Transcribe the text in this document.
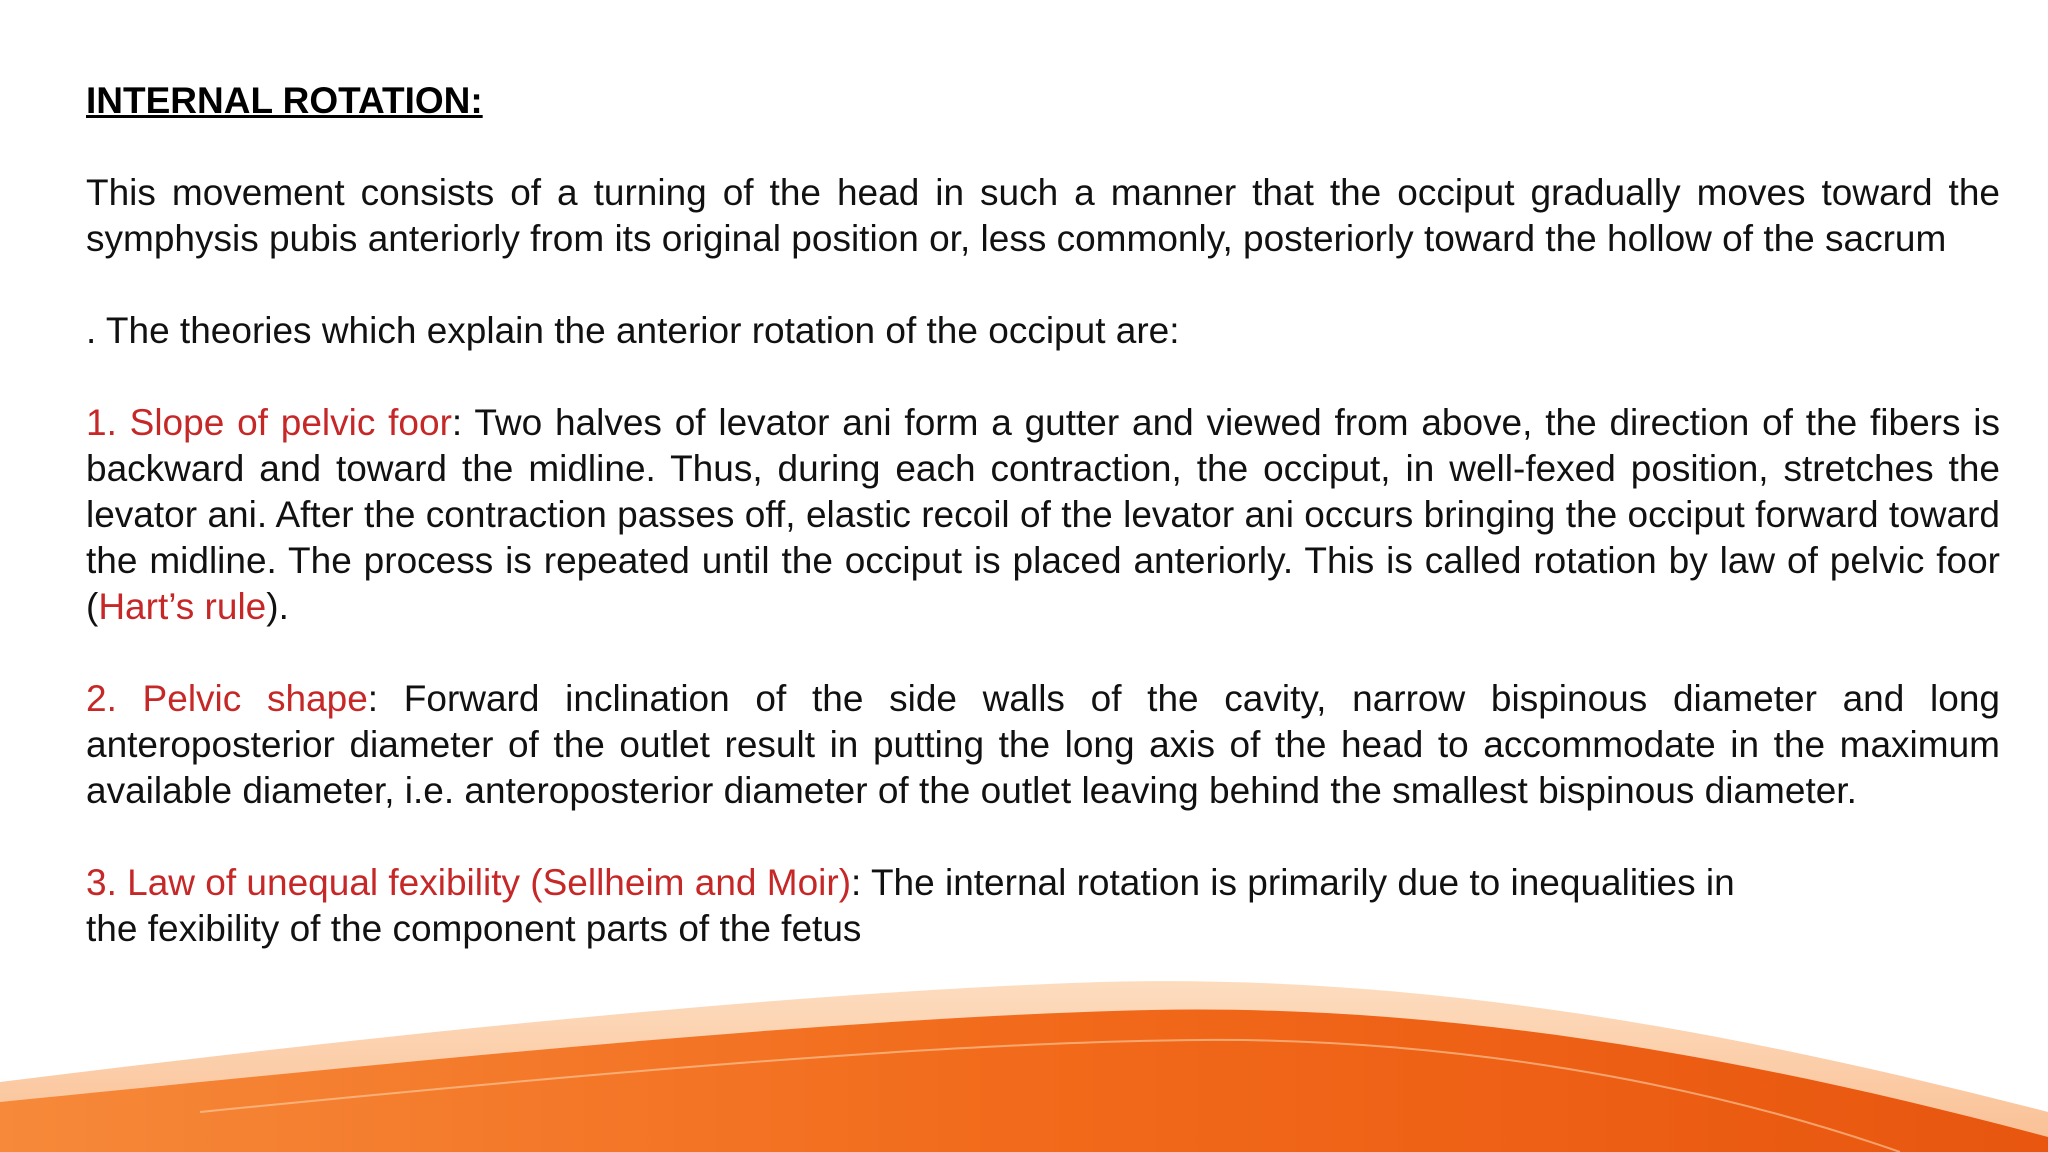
INTERNAL ROTATION:

This movement consists of a turning of the head in such a manner that the occiput gradually moves toward the symphysis pubis anteriorly from its original position or, less commonly, posteriorly toward the hollow of the sacrum

. The theories which explain the anterior rotation of the occiput are:

1. Slope of pelvic foor: Two halves of levator ani form a gutter and viewed from above, the direction of the fibers is backward and toward the midline. Thus, during each contraction, the occiput, in well-fexed position, stretches the levator ani. After the contraction passes off, elastic recoil of the levator ani occurs bringing the occiput forward toward the midline. The process is repeated until the occiput is placed anteriorly. This is called rotation by law of pelvic foor (Hart’s rule).

2. Pelvic shape: Forward inclination of the side walls of the cavity, narrow bispinous diameter and long anteroposterior diameter of the outlet result in putting the long axis of the head to accommodate in the maximum available diameter, i.e. anteroposterior diameter of the outlet leaving behind the smallest bispinous diameter.

3. Law of unequal fexibility (Sellheim and Moir): The internal rotation is primarily due to inequalities in
the fexibility of the component parts of the fetus
